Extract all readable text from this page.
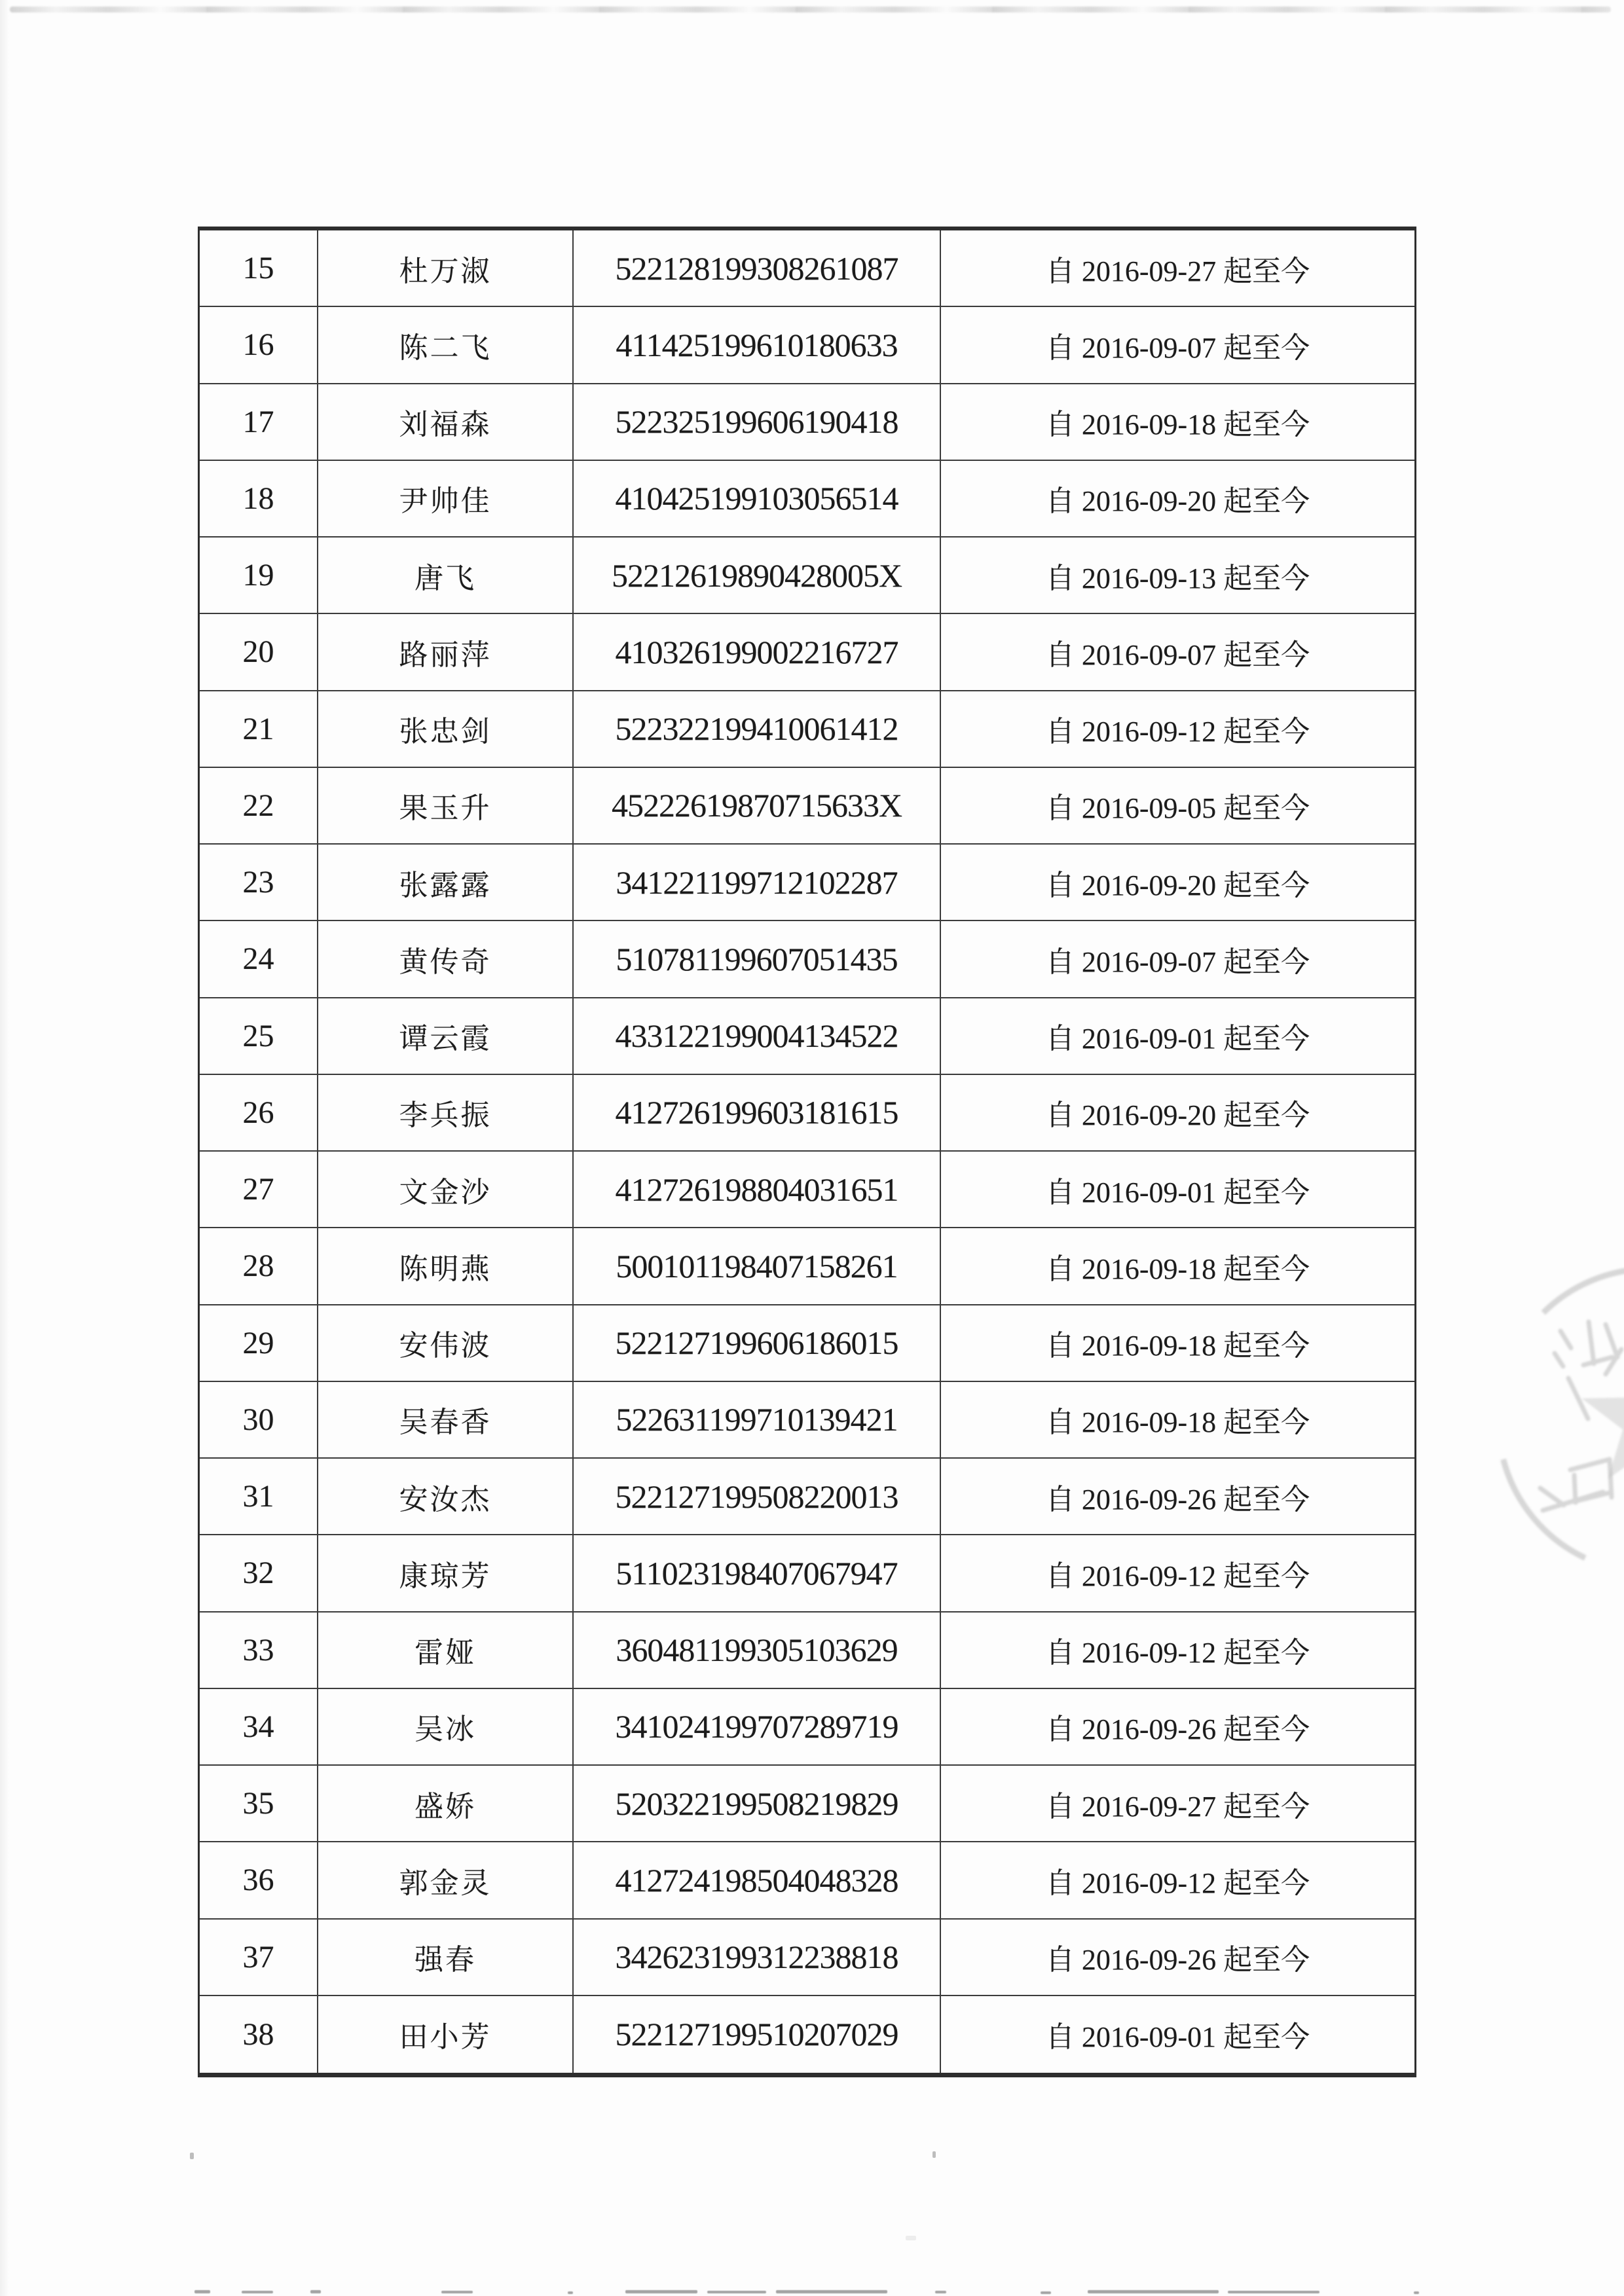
15	杜万淑	522128199308261087	自 2016-09-27 起至今
16	陈二飞	411425199610180633	自 2016-09-07 起至今
17	刘福森	522325199606190418	自 2016-09-18 起至今
18	尹帅佳	410425199103056514	自 2016-09-20 起至今
19	唐飞	52212619890428005X	自 2016-09-13 起至今
20	路丽萍	410326199002216727	自 2016-09-07 起至今
21	张忠剑	522322199410061412	自 2016-09-12 起至今
22	果玉升	45222619870715633X	自 2016-09-05 起至今
23	张露露	341221199712102287	自 2016-09-20 起至今
24	黄传奇	510781199607051435	自 2016-09-07 起至今
25	谭云霞	433122199004134522	自 2016-09-01 起至今
26	李兵振	412726199603181615	自 2016-09-20 起至今
27	文金沙	412726198804031651	自 2016-09-01 起至今
28	陈明燕	500101198407158261	自 2016-09-18 起至今
29	安伟波	522127199606186015	自 2016-09-18 起至今
30	吴春香	522631199710139421	自 2016-09-18 起至今
31	安汝杰	522127199508220013	自 2016-09-26 起至今
32	康琼芳	511023198407067947	自 2016-09-12 起至今
33	雷娅	360481199305103629	自 2016-09-12 起至今
34	吴冰	341024199707289719	自 2016-09-26 起至今
35	盛娇	520322199508219829	自 2016-09-27 起至今
36	郭金灵	412724198504048328	自 2016-09-12 起至今
37	强春	342623199312238818	自 2016-09-26 起至今
38	田小芳	522127199510207029	自 2016-09-01 起至今
